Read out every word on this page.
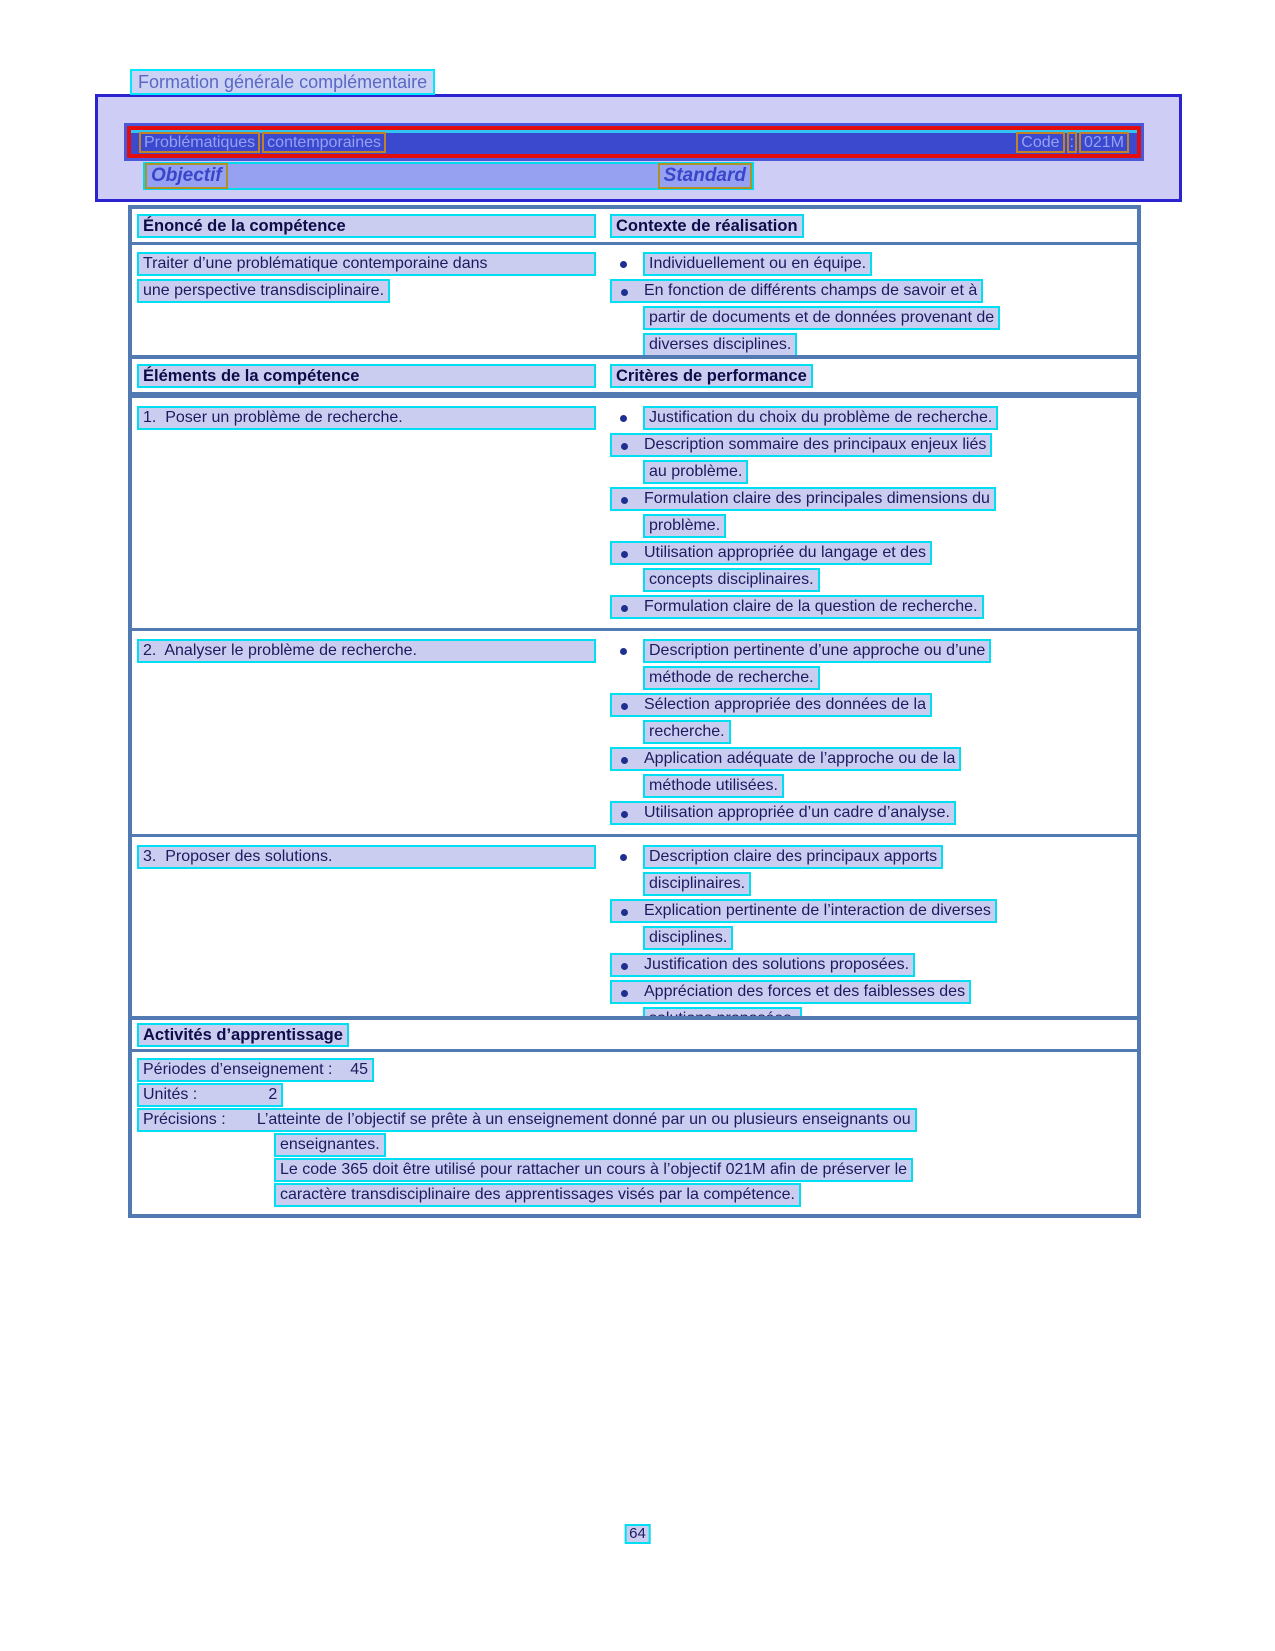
Formation générale complémentaire
Problématiques contemporaines	Code : 021M
Objectif	Standard
Énoncé de la compétence	Contexte de réalisation
Traiter d’une problématique contemporaine dans
une perspective transdisciplinaire.
Individuellement ou en équipe.
En fonction de différents champs de savoir et à
partir de documents et de données provenant de
diverses disciplines.
Éléments de la compétence	Critères de performance
1.  Poser un problème de recherche.	Justification du choix du problème de recherche.
Description sommaire des principaux enjeux liés
au problème.
Formulation claire des principales dimensions du
problème.
Utilisation appropriée du langage et des
concepts disciplinaires.
Formulation claire de la question de recherche.
2.  Analyser le problème de recherche.	Description pertinente d’une approche ou d’une
méthode de recherche.
Sélection appropriée des données de la
recherche.
Application adéquate de l’approche ou de la
méthode utilisées.
Utilisation appropriée d’un cadre d’analyse.
3.  Proposer des solutions.	Description claire des principaux apports
disciplinaires.
Explication pertinente de l’interaction de diverses
disciplines.
Justification des solutions proposées.
Appréciation des forces et des faiblesses des
Activités d’apprentissage
Périodes d’enseignement :    45
Unités :                2
Précisions :       L’atteinte de l’objectif se prête à un enseignement donné par un ou plusieurs enseignants ou
enseignantes.
Le code 365 doit être utilisé pour rattacher un cours à l’objectif 021M afin de préserver le
caractère transdisciplinaire des apprentissages visés par la compétence.
64
